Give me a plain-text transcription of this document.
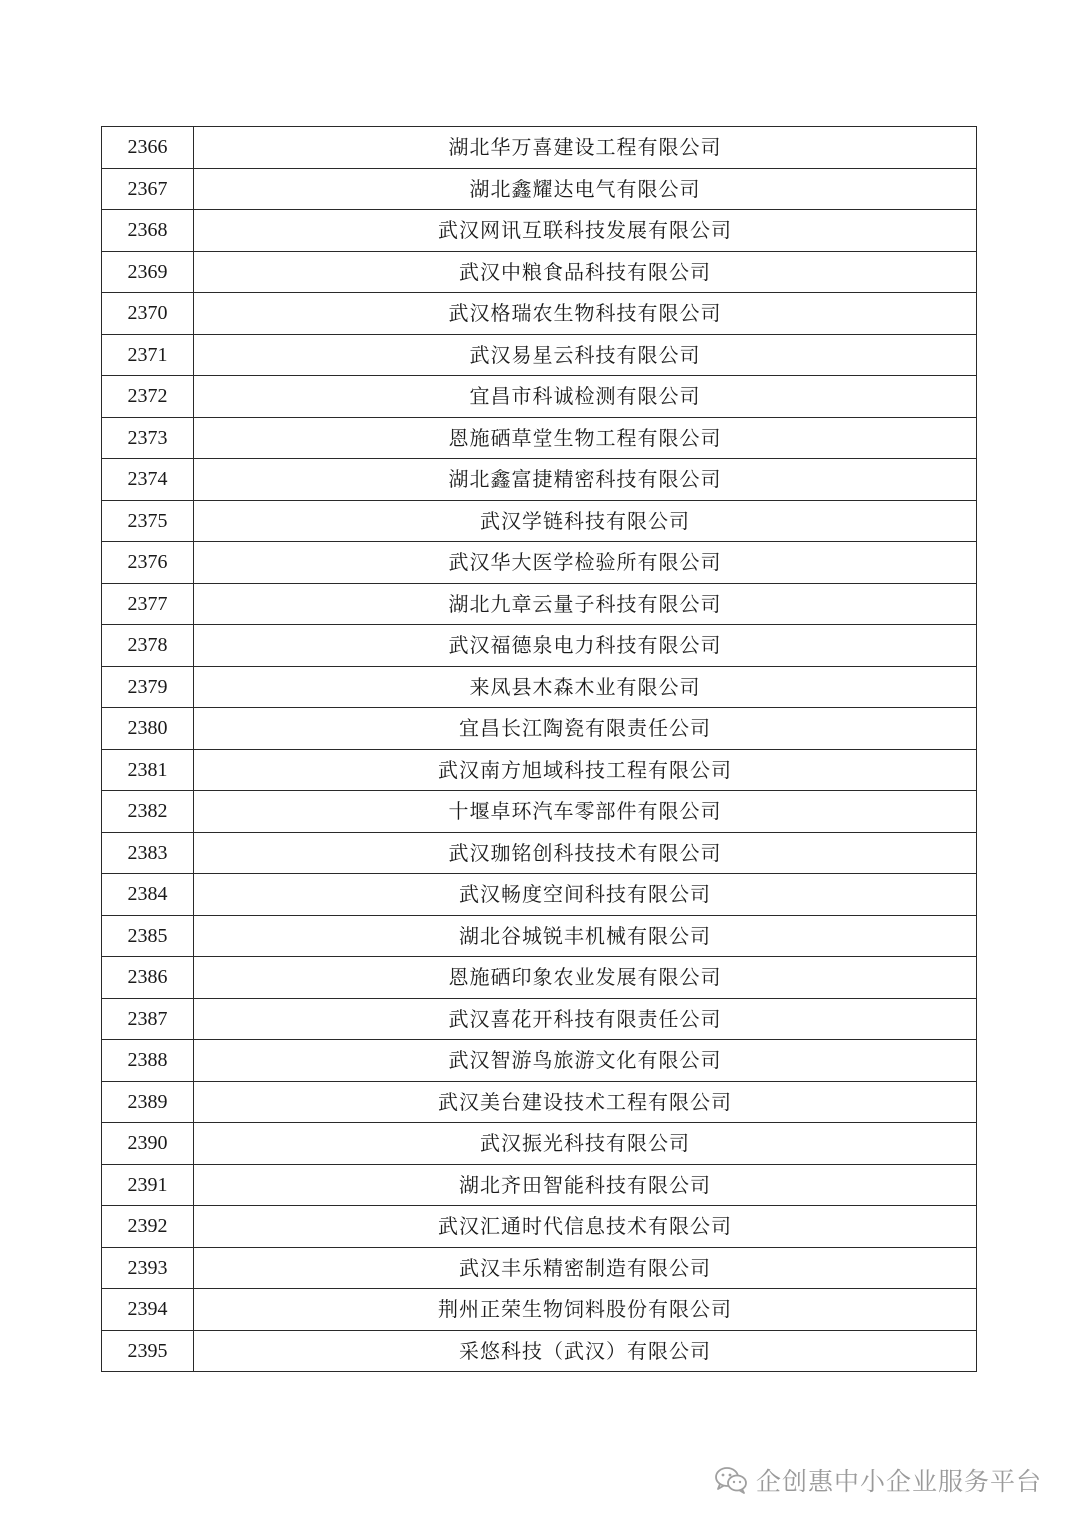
2366	湖北华万喜建设工程有限公司
2367	湖北鑫耀达电气有限公司
2368	武汉网讯互联科技发展有限公司
2369	武汉中粮食品科技有限公司
2370	武汉格瑞农生物科技有限公司
2371	武汉易星云科技有限公司
2372	宜昌市科诚检测有限公司
2373	恩施硒草堂生物工程有限公司
2374	湖北鑫富捷精密科技有限公司
2375	武汉学链科技有限公司
2376	武汉华大医学检验所有限公司
2377	湖北九章云量子科技有限公司
2378	武汉福德泉电力科技有限公司
2379	来凤县木森木业有限公司
2380	宜昌长江陶瓷有限责任公司
2381	武汉南方旭域科技工程有限公司
2382	十堰卓环汽车零部件有限公司
2383	武汉珈铭创科技技术有限公司
2384	武汉畅度空间科技有限公司
2385	湖北谷城锐丰机械有限公司
2386	恩施硒印象农业发展有限公司
2387	武汉喜花开科技有限责任公司
2388	武汉智游鸟旅游文化有限公司
2389	武汉美台建设技术工程有限公司
2390	武汉振光科技有限公司
2391	湖北齐田智能科技有限公司
2392	武汉汇通时代信息技术有限公司
2393	武汉丰乐精密制造有限公司
2394	荆州正荣生物饲料股份有限公司
2395	采悠科技（武汉）有限公司
企创惠中小企业服务平台
